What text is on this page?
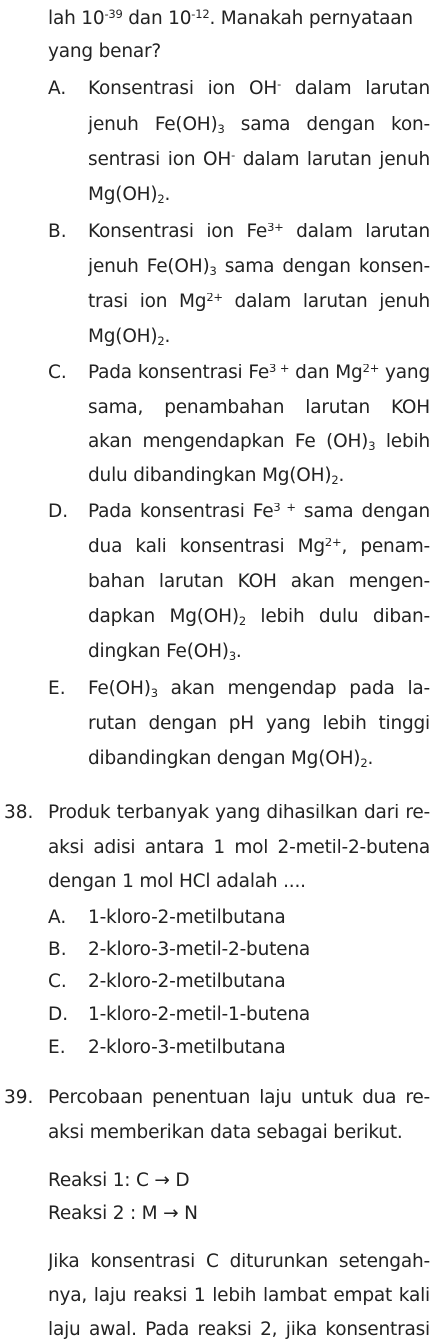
lah $10^{-39}$ dan $10^{-12}$. Manakah pernyataan
yang benar?
A. Konsentrasi ion OH- dalam larutan
jenuh $Fe(OH)_3$ sama dengan kon-
sentrasi ion OH- dalam larutan jenuh
$Mg(OH)_2$.
B. Konsentrasi ion $Fe^{3+}$ dalam larutan
jenuh $Fe(OH)_3$ sama dengan konsen-
trasi ion $Mg^{2+}$ dalam larutan jenuh
$Mg(OH)_2$.
C. Pada konsentrasi $Fe^{3 +}$ dan $Mg^{2+}$ yang
sama, penambahan larutan KOH
akan mengendapkan Fe $(OH)_3$ lebih
dulu dibandingkan $Mg(OH)_2$.
D. Pada konsentrasi $Fe^{3 +}$ sama dengan
dua kali konsentrasi $Mg^{2+}$, penam-
bahan larutan KOH akan mengen-
dapkan $Mg(OH)_2$ lebih dulu diban-
dingkan $Fe(OH)_3$.
E. $Fe(OH)_3$ akan mengendap pada la-
rutan dengan pH yang lebih tinggi
dibandingkan dengan $Mg(OH)_2$.
38. Produk terbanyak yang dihasilkan dari re-
aksi adisi antara 1 mol 2-metil-2-butena
dengan 1 mol HCl adalah ....
A. 1-kloro-2-metilbutana
B. 2-kloro-3-metil-2-butena
C. 2-kloro-2-metilbutana
D. 1-kloro-2-metil-1-butena
E. 2-kloro-3-metilbutana
39. Percobaan penentuan laju untuk dua re-
aksi memberikan data sebagai berikut.
Reaksi 1: C → D
Reaksi 2 : M → N
Jika konsentrasi C diturunkan setengah-
nya, laju reaksi 1 lebih lambat empat kali
laju awal. Pada reaksi 2, jika konsentrasi
